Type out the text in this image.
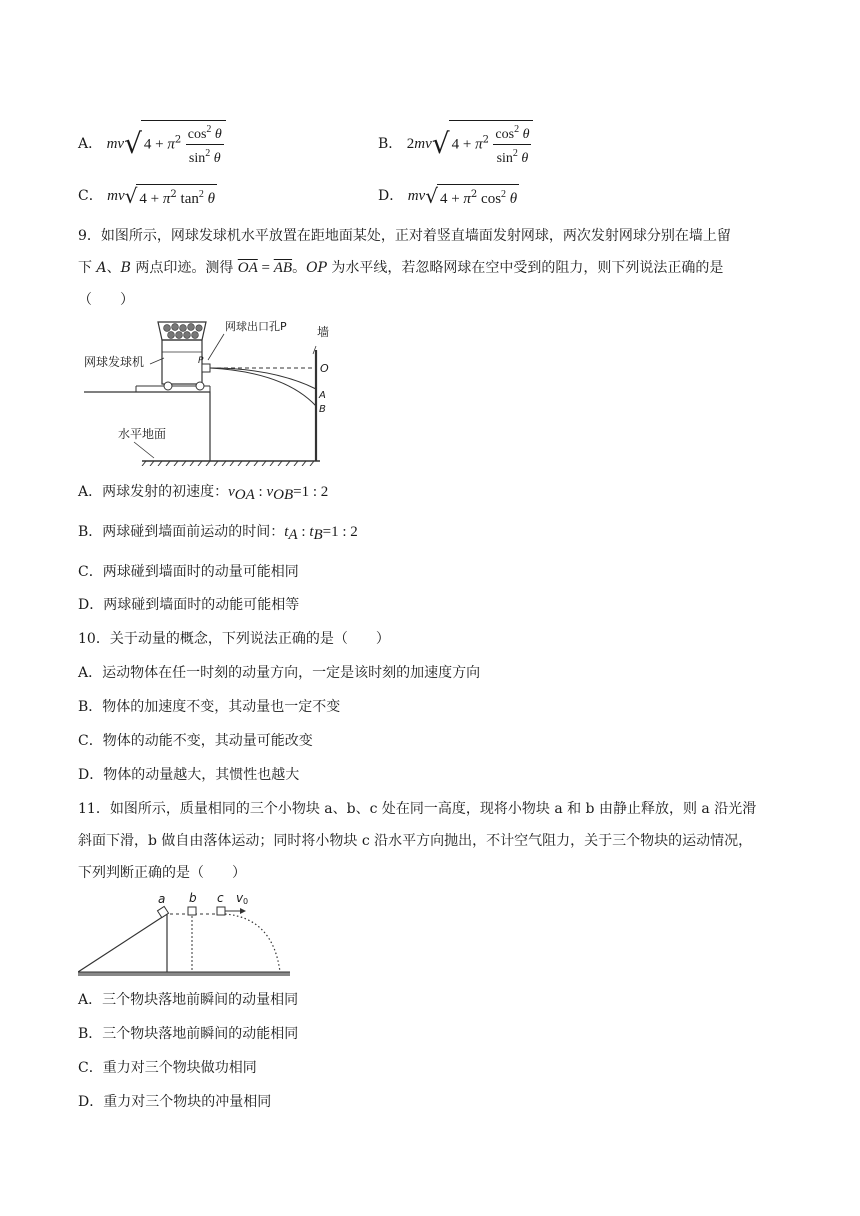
A． mv√ $4 + \pi^2 \frac{\cos^2 \theta}{\sin^2 \theta}$	B． 2mv√ $4 + \pi^2 \frac{\cos^2 \theta}{\sin^2 \theta}$
C． mv√ $4 + \pi^2$ $\tan^2 \theta$	D． mv√ $4 + \pi^2$ $\cos^2 \theta$
9．如图所示，网球发球机水平放置在距地面某处，正对着竖直墙面发射网球，两次发射网球分别在墙上留
下 A、B 两点印迹。测得 $\overline{OA} = \overline{AB}$。OP 为水平线，若忽略网球在空中受到的阻力，则下列说法正确的是
（　　）
网球发球机
网球出口孔P	墙
水平地面
O
A
B
P
A．两球发射的初速度：$v_{OA}$ : $v_{OB}=1$ : 2
B．两球碰到墙面前运动的时间：$t_A$ : $t_B=1$ : 2
C．两球碰到墙面时的动量可能相同
D．两球碰到墙面时的动能可能相等
10．关于动量的概念，下列说法正确的是（　　）
A．运动物体在任一时刻的动量方向，一定是该时刻的加速度方向
B．物体的加速度不变，其动量也一定不变
C．物体的动能不变，其动量可能改变
D．物体的动量越大，其惯性也越大
11．如图所示，质量相同的三个小物块 a、b、c 处在同一高度，现将小物块 a 和 b 由静止释放，则 a 沿光滑
斜面下滑，b 做自由落体运动；同时将小物块 c 沿水平方向抛出，不计空气阻力，关于三个物块的运动情况，
下列判断正确的是（　　）
a b c v 0
A．三个物块落地前瞬间的动量相同
B．三个物块落地前瞬间的动能相同
C．重力对三个物块做功相同
D．重力对三个物块的冲量相同
